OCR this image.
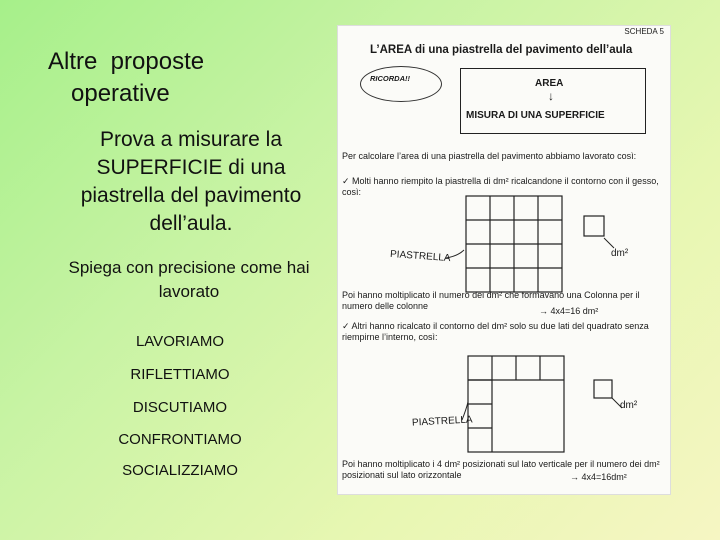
Altre  proposte
operative
Prova a misurare la SUPERFICIE di una piastrella del pavimento dell’aula.
Spiega con precisione come hai lavorato
LAVORIAMO
RIFLETTIAMO
DISCUTIAMO
CONFRONTIAMO
SOCIALIZZIAMO
SCHEDA 5
L’AREA di una piastrella del pavimento dell’aula
RICORDA!!	AREA
↓
MISURA DI UNA SUPERFICIE
Per calcolare l’area di una piastrella del pavimento abbiamo lavorato così:
✓ Molti hanno riempito la piastrella di dm² ricalcandone il contorno con il gesso, così:
PIASTRELLA	dm²
Poi hanno moltiplicato il numero dei dm² che formavano una Colonna per il numero delle colonne	→ 4x4=16 dm²
✓ Altri hanno ricalcato il contorno del dm² solo su due lati del quadrato senza riempirne l’interno, così:
PIASTRELLA
dm²
Poi hanno moltiplicato i 4 dm² posizionati sul lato verticale per il numero dei dm² posizionati sul lato orizzontale	→ 4x4=16dm²
